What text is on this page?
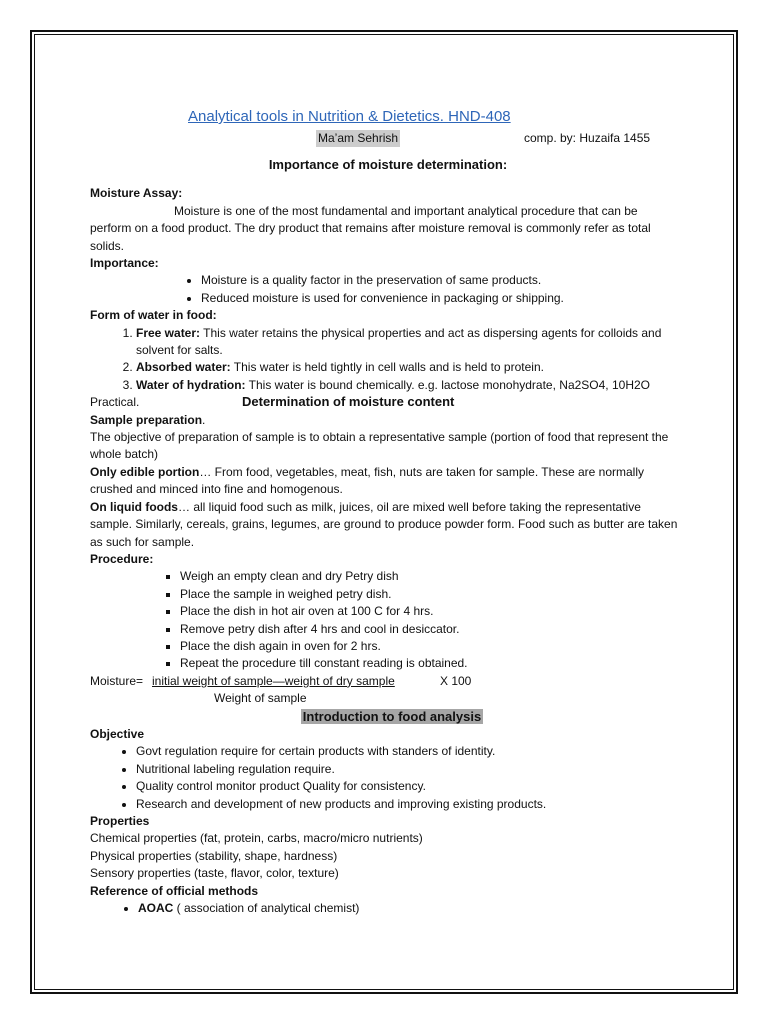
Analytical tools in Nutrition & Dietetics. HND-408
Ma’am Sehrish	comp. by: Huzaifa 1455

Importance of moisture determination:

Moisture Assay:

Moisture is one of the most fundamental and important analytical procedure that can be perform on a food product. The dry product that remains after moisture removal is commonly refer as total solids.

Importance:

• Moisture is a quality factor in the preservation of same products.
• Reduced moisture is used for convenience in packaging or shipping.

Form of water in food:

1. Free water: This water retains the physical properties and act as dispersing agents for colloids and solvent for salts.
2. Absorbed water: This water is held tightly in cell walls and is held to protein.
3. Water of hydration: This water is bound chemically. e.g. lactose monohydrate, Na2SO4, 10H2O
Practical.	Determination of moisture content

Sample preparation.

The objective of preparation of sample is to obtain a representative sample (portion of food that represent the whole batch)

Only edible portion… From food, vegetables, meat, fish, nuts are taken for sample. These are normally crushed and minced into fine and homogenous.

On liquid foods… all liquid food such as milk, juices, oil are mixed well before taking the representative sample. Similarly, cereals, grains, legumes, are ground to produce powder form. Food such as butter are taken as such for sample.

Procedure:

▪ Weigh an empty clean and dry Petry dish
▪ Place the sample in weighed petry dish.
▪ Place the dish in hot air oven at 100 C for 4 hrs.
▪ Remove petry dish after 4 hrs and cool in desiccator.
▪ Place the dish again in oven for 2 hrs.
▪ Repeat the procedure till constant reading is obtained.
Moisture= initial weight of sample—weight of dry sample	X 100
Weight of sample

Introduction to food analysis

Objective

• Govt regulation require for certain products with standers of identity.
• Nutritional labeling regulation require.
• Quality control monitor product Quality for consistency.
• Research and development of new products and improving existing products.

Properties

Chemical properties (fat, protein, carbs, macro/micro nutrients)

Physical properties (stability, shape, hardness)

Sensory properties (taste, flavor, color, texture)

Reference of official methods

• AOAC ( association of analytical chemist)
